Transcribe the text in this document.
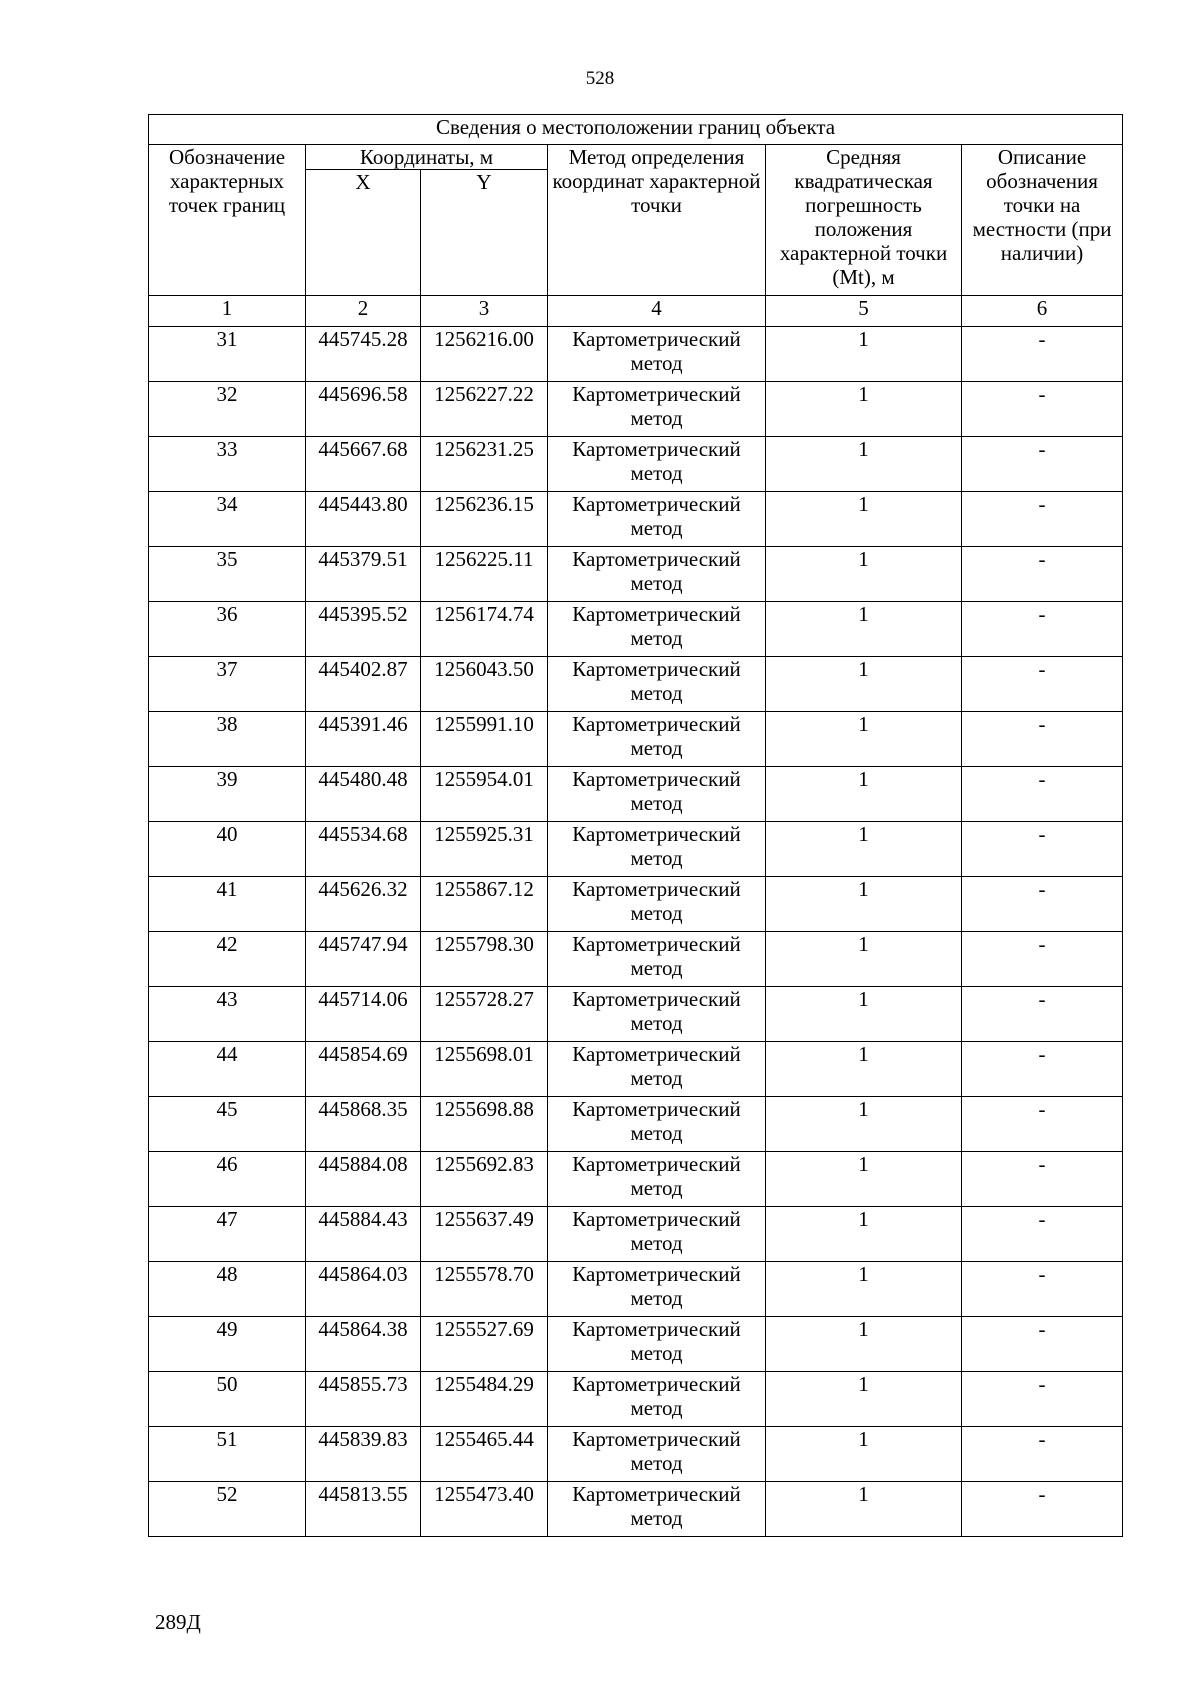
528
Сведения о местоположении границ объекта					
Обозначение характерных точек границ	Координаты, м		Метод определения координат характерной точки	Средняя квадратическая погрешность положения характерной точки (Mt), м	Описание обозначения точки на местности (при наличии)
	X	Y			
1	2	3	4	5	6
31	445745.28	1256216.00	Картометрический метод	1	-
32	445696.58	1256227.22	Картометрический метод	1	-
33	445667.68	1256231.25	Картометрический метод	1	-
34	445443.80	1256236.15	Картометрический метод	1	-
35	445379.51	1256225.11	Картометрический метод	1	-
36	445395.52	1256174.74	Картометрический метод	1	-
37	445402.87	1256043.50	Картометрический метод	1	-
38	445391.46	1255991.10	Картометрический метод	1	-
39	445480.48	1255954.01	Картометрический метод	1	-
40	445534.68	1255925.31	Картометрический метод	1	-
41	445626.32	1255867.12	Картометрический метод	1	-
42	445747.94	1255798.30	Картометрический метод	1	-
43	445714.06	1255728.27	Картометрический метод	1	-
44	445854.69	1255698.01	Картометрический метод	1	-
45	445868.35	1255698.88	Картометрический метод	1	-
46	445884.08	1255692.83	Картометрический метод	1	-
47	445884.43	1255637.49	Картометрический метод	1	-
48	445864.03	1255578.70	Картометрический метод	1	-
49	445864.38	1255527.69	Картометрический метод	1	-
50	445855.73	1255484.29	Картометрический метод	1	-
51	445839.83	1255465.44	Картометрический метод	1	-
52	445813.55	1255473.40	Картометрический метод	1	-
289Д
